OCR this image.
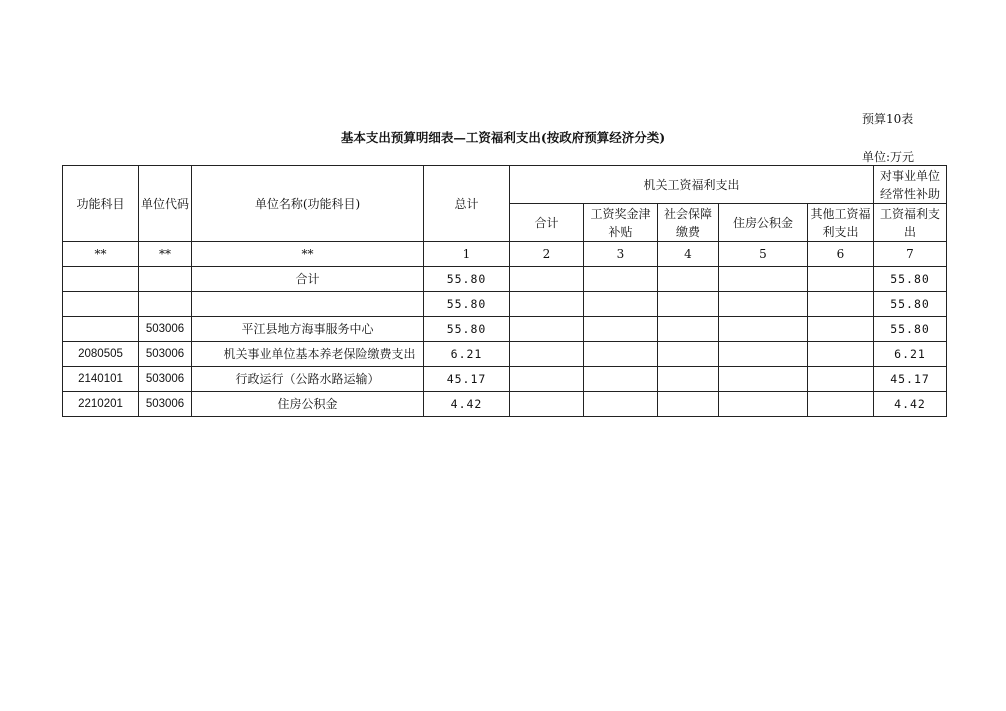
预算10表
基本支出预算明细表—工资福利支出(按政府预算经济分类)
单位:万元
功能科目	单位代码	单位名称(功能科目)	总计	机关工资福利支出					对事业单位经常性补助
				合计	工资奖金津补贴	社会保障缴费	住房公积金	其他工资福利支出	工资福利支出
**	**	**	1	2	3	4	5	6	7
		合计	55.80						55.80
			55.80						55.80
	503006	平江县地方海事服务中心	55.80						55.80
2080505	503006	机关事业单位基本养老保险缴费支出	6.21						6.21
2140101	503006	行政运行（公路水路运输）	45.17						45.17
2210201	503006	住房公积金	4.42						4.42
